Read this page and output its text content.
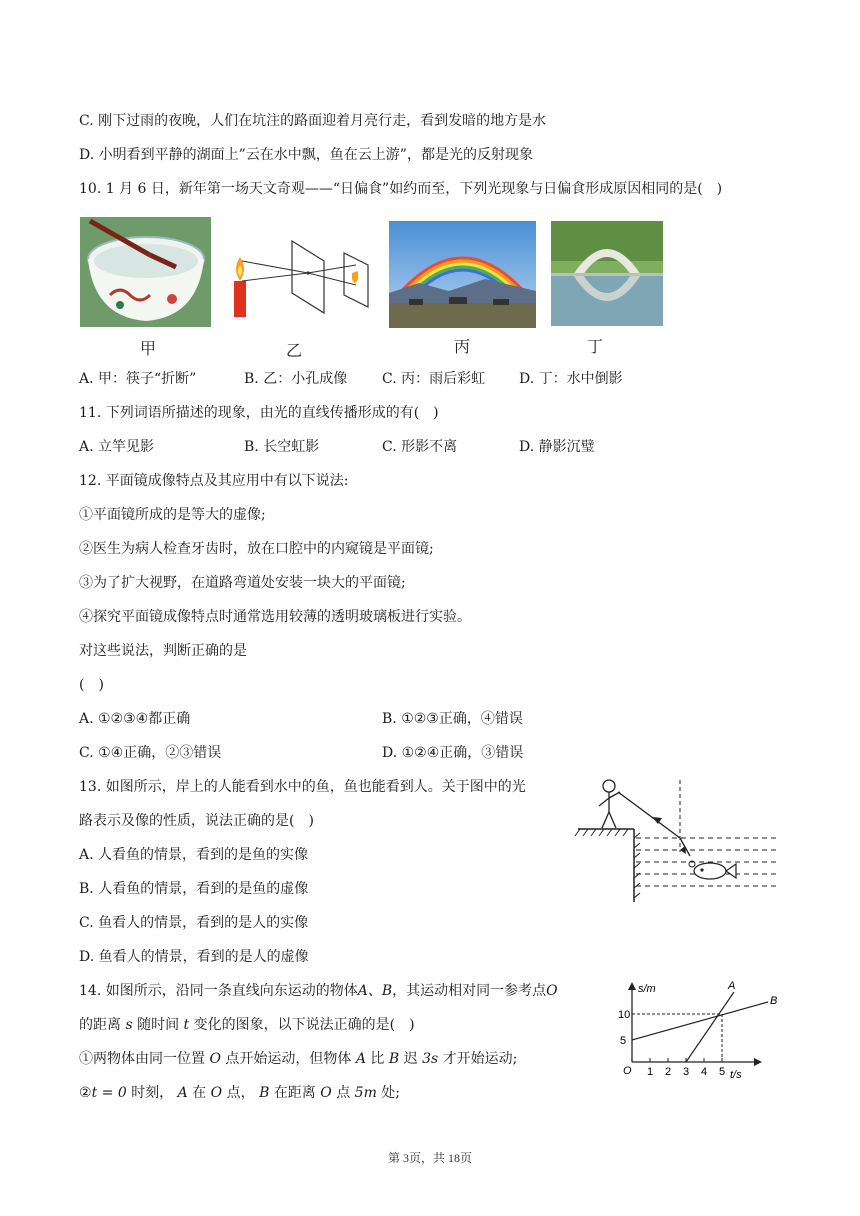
C. 刚下过雨的夜晚，人们在坑注的路面迎着月亮行走，看到发暗的地方是水
D. 小明看到平静的湖面上”云在水中飘，鱼在云上游”，都是光的反射现象
10. 1 月 6 日，新年第一场天文奇观——“日偏食”如约而至，下列光现象与日偏食形成原因相同的是(　)
甲	乙	丙	丁
A. 甲：筷子“折断”	B. 乙：小孔成像 C. 丙：雨后彩虹 D. 丁：水中倒影
11. 下列词语所描述的现象，由光的直线传播形成的有(　)
A. 立竿见影	B. 长空虹影	C. 形影不离	D. 静影沉璧
12. 平面镜成像特点及其应用中有以下说法:
①平面镜所成的是等大的虚像;
②医生为病人检查牙齿时，放在口腔中的内窥镜是平面镜;
③为了扩大视野，在道路弯道处安装一块大的平面镜;
④探究平面镜成像特点时通常选用较薄的透明玻璃板进行实验。
对这些说法，判断正确的是
(　)
A. ①②③④都正确	B. ①②③正确，④错误
C. ①④正确，②③错误	D. ①②④正确，③错误
13. 如图所示，岸上的人能看到水中的鱼，鱼也能看到人。关于图中的光
路表示及像的性质，说法正确的是(　)
A. 人看鱼的情景，看到的是鱼的实像
B. 人看鱼的情景，看到的是鱼的虚像
C. 鱼看人的情景，看到的是人的实像
D. 鱼看人的情景，看到的是人的虚像
14. 如图所示，沿同一条直线向东运动的物体A、B，其运动相对同一参考点O
的距离 s 随时间 t 变化的图象，以下说法正确的是(　)
①两物体由同一位置 O 点开始运动，但物体 A 比 B 迟 3s 才开始运动;
②t = 0 时刻， A 在 O 点， B 在距离 O 点 5m 处;
s/m
t/s
O 1 2 3 4 5
5
10
B
A
第 3页，共 18页
